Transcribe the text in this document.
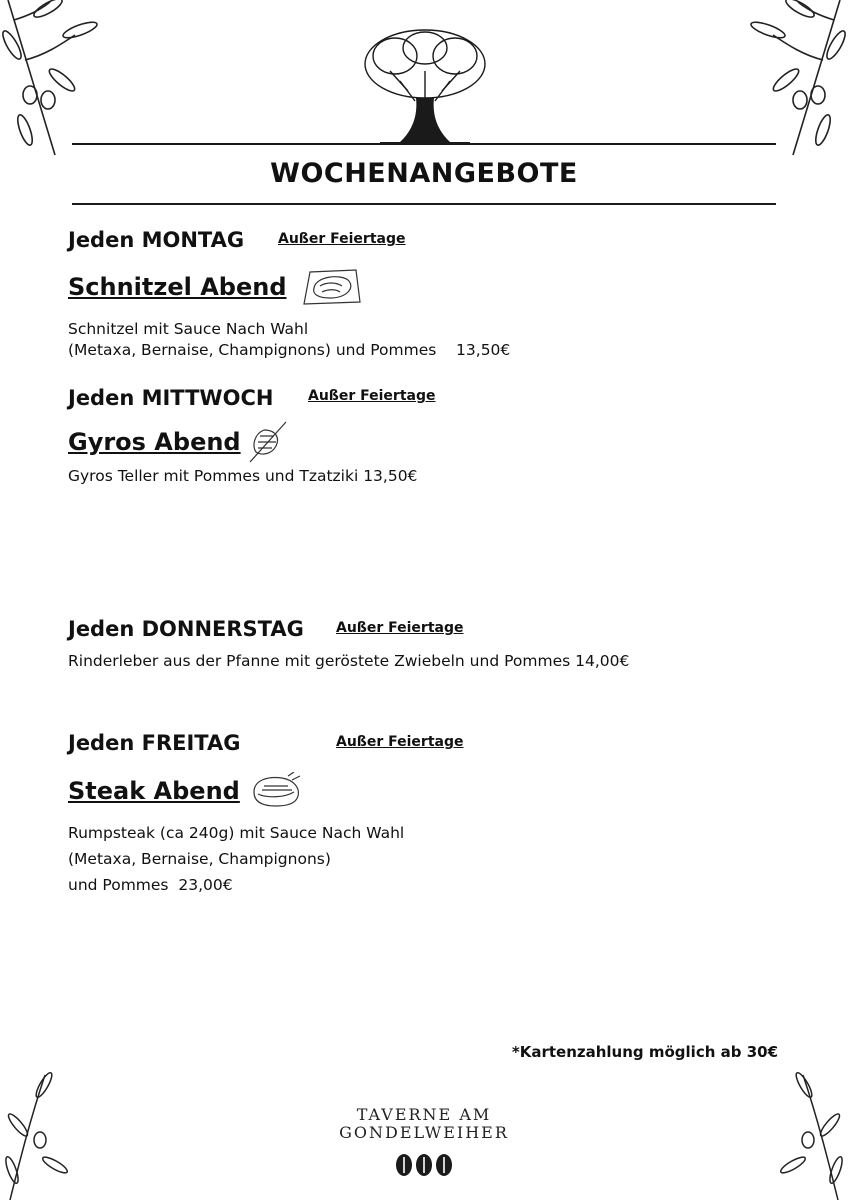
WOCHENANGEBOTE
Jeden MONTAG Außer Feiertage
Schnitzel Abend
Schnitzel mit Sauce Nach Wahl
(Metaxa, Bernaise, Champignons) und Pommes    13,50€
Jeden MITTWOCH Außer Feiertage
Gyros Abend
Gyros Teller mit Pommes und Tzatziki 13,50€
Jeden DONNERSTAG Außer Feiertage
Rinderleber aus der Pfanne mit geröstete Zwiebeln und Pommes 14,00€
Jeden FREITAG	Außer Feiertage
Steak Abend
Rumpsteak (ca 240g) mit Sauce Nach Wahl
(Metaxa, Bernaise, Champignons)
und Pommes  23,00€
*Kartenzahlung möglich ab 30€
TAVERNE AM
GONDELWEIHER
